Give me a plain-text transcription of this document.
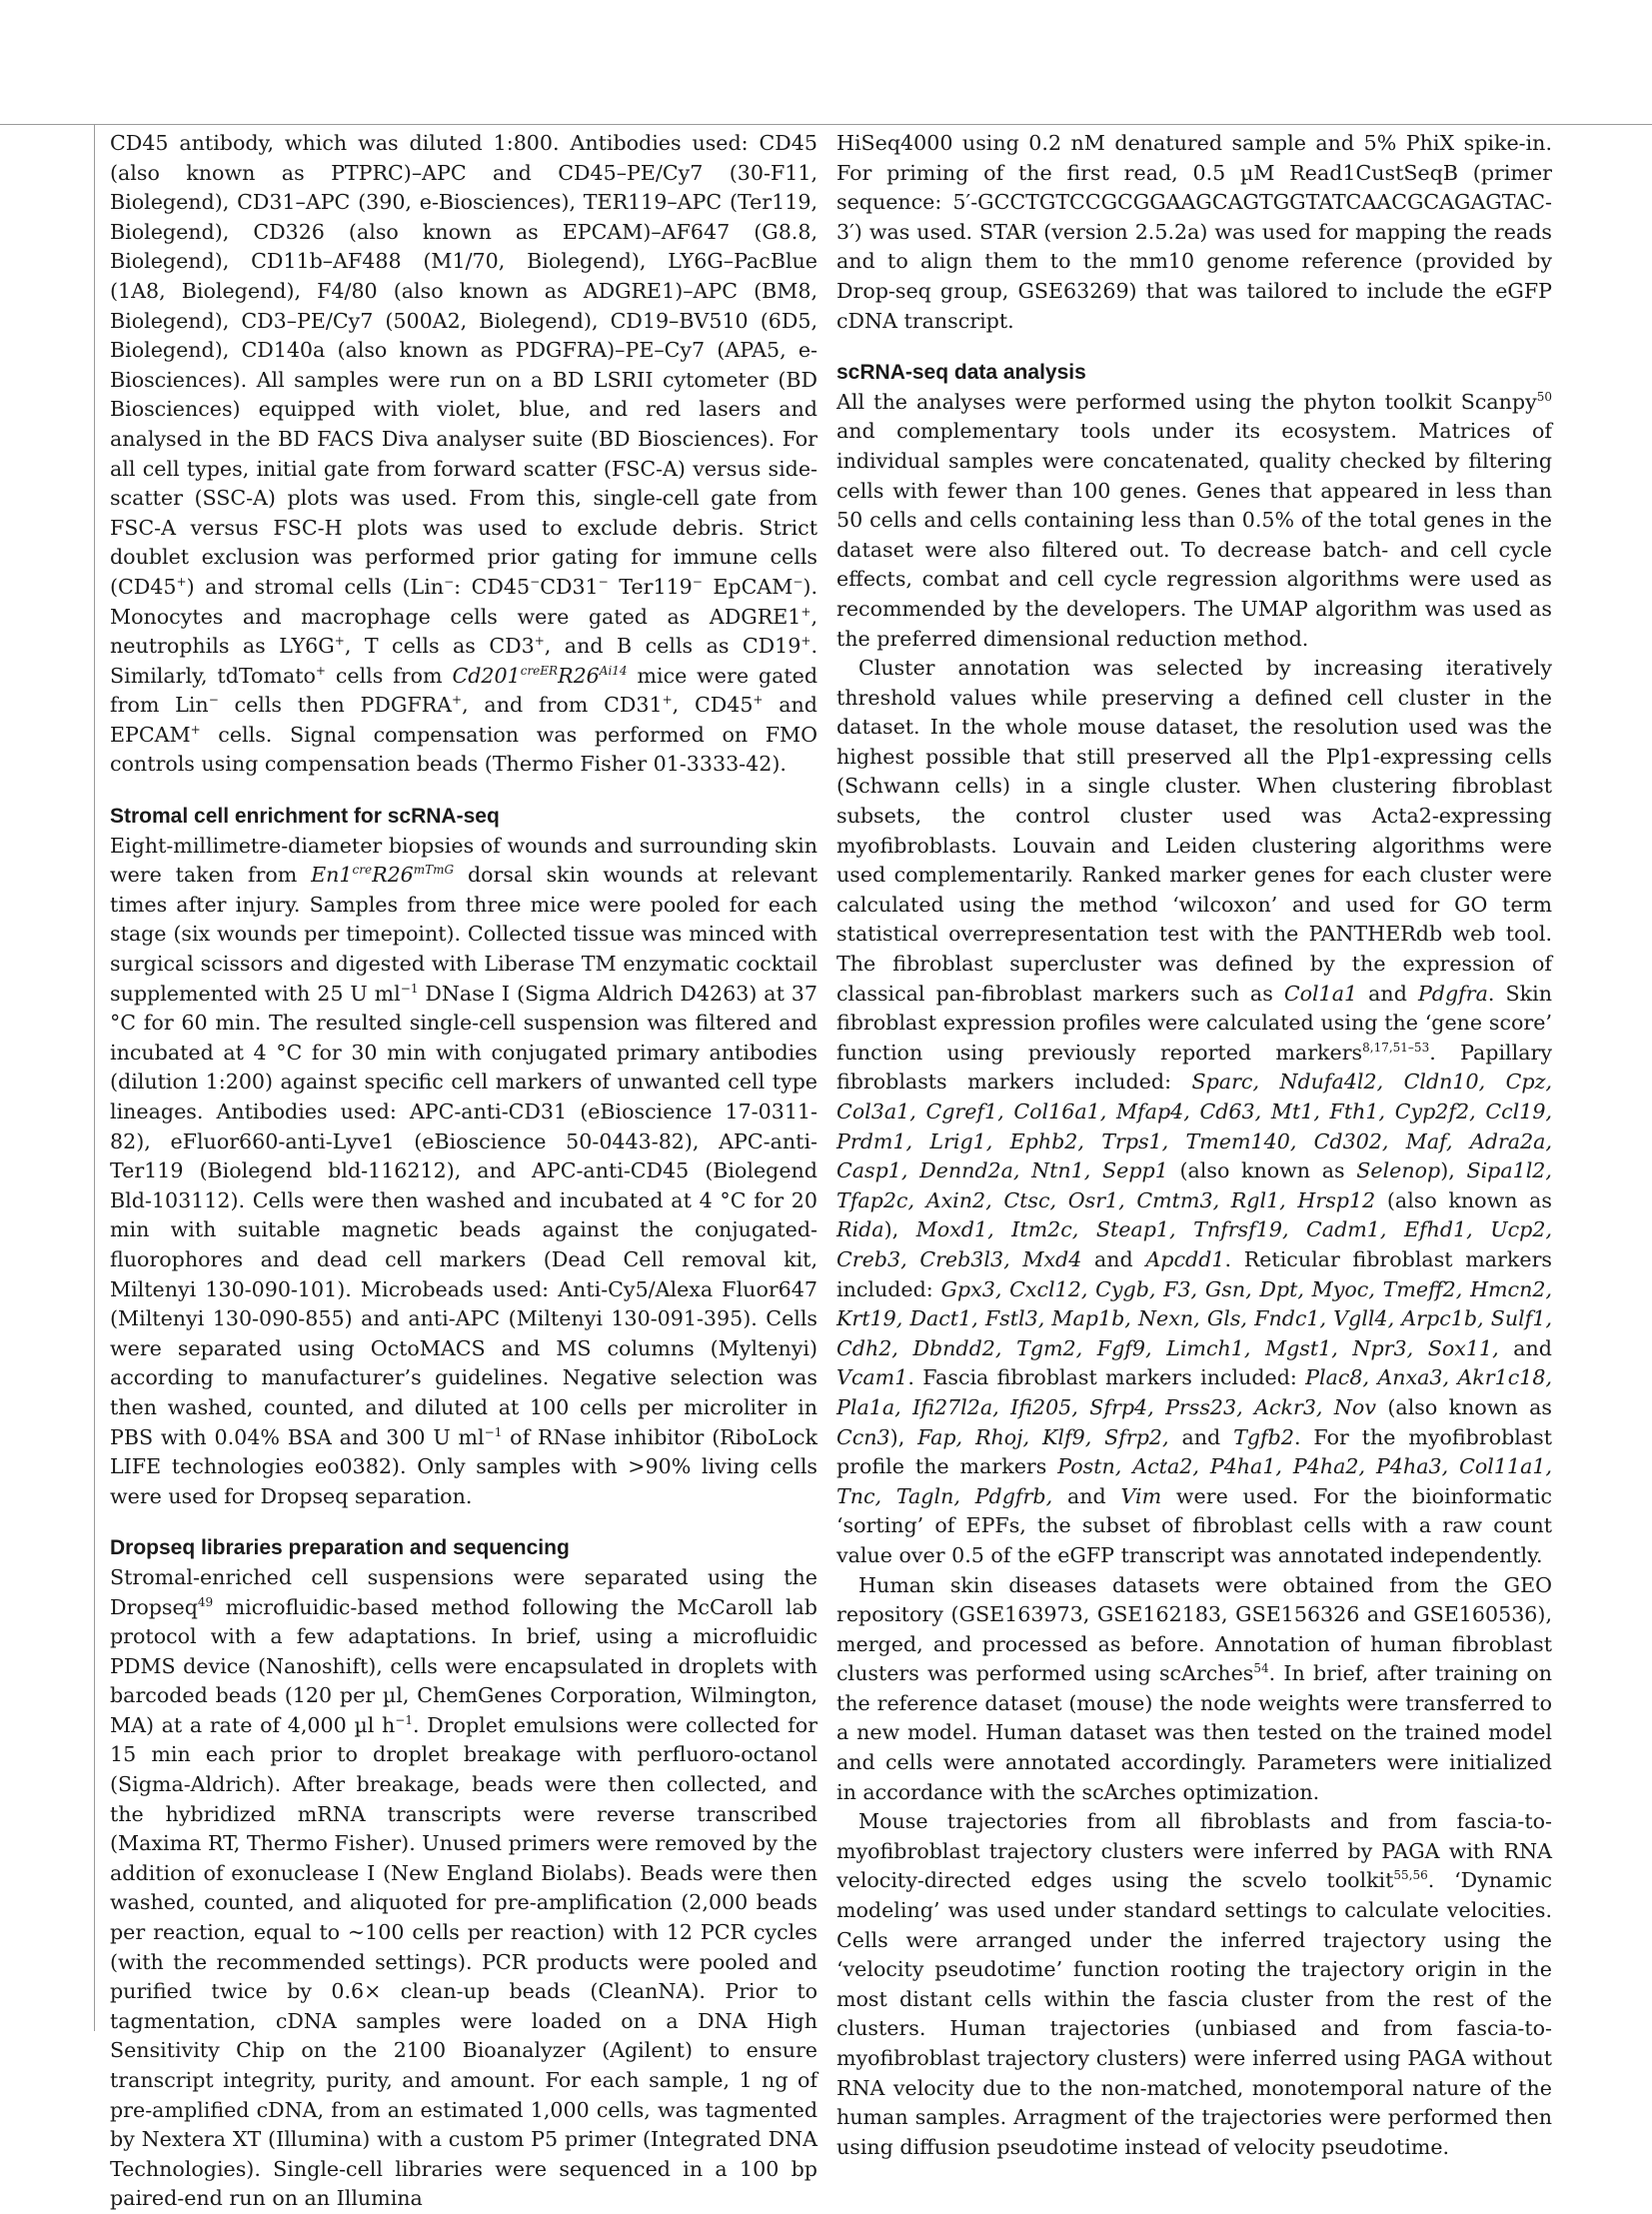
CD45 antibody, which was diluted 1:800. Antibodies used: CD45 (also known as PTPRC)–APC and CD45–PE/Cy7 (30-F11, Biolegend), CD31–APC (390, e-Biosciences), TER119–APC (Ter119, Biolegend), CD326 (also known as EPCAM)–AF647 (G8.8, Biolegend), CD11b–AF488 (M1/70, Biolegend), LY6G–PacBlue (1A8, Biolegend), F4/80 (also known as ADGRE1)–APC (BM8, Biolegend), CD3–PE/Cy7 (500A2, Biolegend), CD19–BV510 (6D5, Biolegend), CD140a (also known as PDGFRA)–PE–Cy7 (APA5, e-Biosciences). All samples were run on a BD LSRII cytometer (BD Biosciences) equipped with violet, blue, and red lasers and analysed in the BD FACS Diva analyser suite (BD Biosciences). For all cell types, initial gate from forward scatter (FSC-A) versus side-scatter (SSC-A) plots was used. From this, single-cell gate from FSC-A versus FSC-H plots was used to exclude debris. Strict doublet exclusion was performed prior gating for immune cells (CD45+) and stromal cells (Lin−: CD45−CD31− Ter119− EpCAM−). Monocytes and macrophage cells were gated as ADGRE1+, neutrophils as LY6G+, T cells as CD3+, and B cells as CD19+. Similarly, tdTomato+ cells from $Cd201^{creER}R26^{Ai14}$ mice were gated from Lin− cells then PDGFRA+, and from CD31+, CD45+ and EPCAM+ cells. Signal compensation was performed on FMO controls using compensation beads (Thermo Fisher 01-3333-42).

Stromal cell enrichment for scRNA-seq

Eight-millimetre-diameter biopsies of wounds and surrounding skin were taken from $En1^{cre}R26^{mTmG}$ dorsal skin wounds at relevant times after injury. Samples from three mice were pooled for each stage (six wounds per timepoint). Collected tissue was minced with surgical scissors and digested with Liberase TM enzymatic cocktail supplemented with 25 U $ml^{-1}$ DNase I (Sigma Aldrich D4263) at 37 °C for 60 min. The resulted single-cell suspension was filtered and incubated at 4 °C for 30 min with conjugated primary antibodies (dilution 1:200) against specific cell markers of unwanted cell type lineages. Antibodies used: APC-anti-CD31 (eBioscience 17-0311-82), eFluor660-anti-Lyve1 (eBioscience 50-0443-82), APC-anti-Ter119 (Biolegend bld-116212), and APC-anti-CD45 (Biolegend Bld-103112). Cells were then washed and incubated at 4 °C for 20 min with suitable magnetic beads against the conjugated-fluorophores and dead cell markers (Dead Cell removal kit, Miltenyi 130-090-101). Microbeads used: Anti-Cy5/Alexa Fluor647 (Miltenyi 130-090-855) and anti-APC (Miltenyi 130-091-395). Cells were separated using OctoMACS and MS columns (Myltenyi) according to manufacturer’s guidelines. Negative selection was then washed, counted, and diluted at 100 cells per microliter in PBS with 0.04% BSA and 300 U $ml^{-1}$ of RNase inhibitor (RiboLock LIFE technologies eo0382). Only samples with >90% living cells were used for Dropseq separation.

Dropseq libraries preparation and sequencing

Stromal-enriched cell suspensions were separated using the Dropseq$^{49}$ microfluidic-based method following the McCaroll lab protocol with a few adaptations. In brief, using a microfluidic PDMS device (Nanoshift), cells were encapsulated in droplets with barcoded beads (120 per µl, ChemGenes Corporation, Wilmington, MA) at a rate of 4,000 µl $h^{-1}$. Droplet emulsions were collected for 15 min each prior to droplet breakage with perfluoro-octanol (Sigma-Aldrich). After breakage, beads were then collected, and the hybridized mRNA transcripts were reverse transcribed (Maxima RT, Thermo Fisher). Unused primers were removed by the addition of exonuclease I (New England Biolabs). Beads were then washed, counted, and aliquoted for pre-amplification (2,000 beads per reaction, equal to ~100 cells per reaction) with 12 PCR cycles (with the recommended settings). PCR products were pooled and purified twice by 0.6× clean-up beads (CleanNA). Prior to tagmentation, cDNA samples were loaded on a DNA High Sensitivity Chip on the 2100 Bioanalyzer (Agilent) to ensure transcript integrity, purity, and amount. For each sample, 1 ng of pre-amplified cDNA, from an estimated 1,000 cells, was tagmented by Nextera XT (Illumina) with a custom P5 primer (Integrated DNA Technologies). Single-cell libraries were sequenced in a 100 bp paired-end run on an Illumina

HiSeq4000 using 0.2 nM denatured sample and 5% PhiX spike-in. For priming of the first read, 0.5 µM Read1CustSeqB (primer sequence: 5′-GCCTGTCCGCGGAAGCAGTGGTATCAACGCAGAGTAC-3′) was used. STAR (version 2.5.2a) was used for mapping the reads and to align them to the mm10 genome reference (provided by Drop-seq group, GSE63269) that was tailored to include the eGFP cDNA transcript.

scRNA-seq data analysis

All the analyses were performed using the phyton toolkit Scanpy$^{50}$ and complementary tools under its ecosystem. Matrices of individual samples were concatenated, quality checked by filtering cells with fewer than 100 genes. Genes that appeared in less than 50 cells and cells containing less than 0.5% of the total genes in the dataset were also filtered out. To decrease batch- and cell cycle effects, combat and cell cycle regression algorithms were used as recommended by the developers. The UMAP algorithm was used as the preferred dimensional reduction method.

Cluster annotation was selected by increasing iteratively threshold values while preserving a defined cell cluster in the dataset. In the whole mouse dataset, the resolution used was the highest possible that still preserved all the Plp1-expressing cells (Schwann cells) in a single cluster. When clustering fibroblast subsets, the control cluster used was Acta2-expressing myofibroblasts. Louvain and Leiden clustering algorithms were used complementarily. Ranked marker genes for each cluster were calculated using the method ‘wilcoxon’ and used for GO term statistical overrepresentation test with the PANTHERdb web tool. The fibroblast supercluster was defined by the expression of classical pan-fibroblast markers such as Col1a1 and Pdgfra. Skin fibroblast expression profiles were calculated using the ‘gene score’ function using previously reported markers$^{8,17,51-53}$. Papillary fibroblasts markers included: Sparc, Ndufa4l2, Cldn10, Cpz, Col3a1, Cgref1, Col16a1, Mfap4, Cd63, Mt1, Fth1, Cyp2f2, Ccl19, Prdm1, Lrig1, Ephb2, Trps1, Tmem140, Cd302, Maf, Adra2a, Casp1, Dennd2a, Ntn1, Sepp1 (also known as Selenop), Sipa1l2, Tfap2c, Axin2, Ctsc, Osr1, Cmtm3, Rgl1, Hrsp12 (also known as Rida), Moxd1, Itm2c, Steap1, Tnfrsf19, Cadm1, Efhd1, Ucp2, Creb3, Creb3l3, Mxd4 and Apcdd1. Reticular fibroblast markers included: Gpx3, Cxcl12, Cygb, F3, Gsn, Dpt, Myoc, Tmeff2, Hmcn2, Krt19, Dact1, Fstl3, Map1b, Nexn, Gls, Fndc1, Vgll4, Arpc1b, Sulf1, Cdh2, Dbndd2, Tgm2, Fgf9, Limch1, Mgst1, Npr3, Sox11, and Vcam1. Fascia fibroblast markers included: Plac8, Anxa3, Akr1c18, Pla1a, Ifi27l2a, Ifi205, Sfrp4, Prss23, Ackr3, Nov (also known as Ccn3), Fap, Rhoj, Klf9, Sfrp2, and Tgfb2. For the myofibroblast profile the markers Postn, Acta2, P4ha1, P4ha2, P4ha3, Col11a1, Tnc, Tagln, Pdgfrb, and Vim were used. For the bioinformatic ‘sorting’ of EPFs, the subset of fibroblast cells with a raw count value over 0.5 of the eGFP transcript was annotated independently.

Human skin diseases datasets were obtained from the GEO repository (GSE163973, GSE162183, GSE156326 and GSE160536), merged, and processed as before. Annotation of human fibroblast clusters was performed using scArches$^{54}$. In brief, after training on the reference dataset (mouse) the node weights were transferred to a new model. Human dataset was then tested on the trained model and cells were annotated accordingly. Parameters were initialized in accordance with the scArches optimization.

Mouse trajectories from all fibroblasts and from fascia-to-myofibroblast trajectory clusters were inferred by PAGA with RNA velocity-directed edges using the scvelo toolkit$^{55,56}$. ‘Dynamic modeling’ was used under standard settings to calculate velocities. Cells were arranged under the inferred trajectory using the ‘velocity pseudotime’ function rooting the trajectory origin in the most distant cells within the fascia cluster from the rest of the clusters. Human trajectories (unbiased and from fascia-to-myofibroblast trajectory clusters) were inferred using PAGA without RNA velocity due to the non-matched, monotemporal nature of the human samples. Arragment of the trajectories were performed then using diffusion pseudotime instead of velocity pseudotime.
